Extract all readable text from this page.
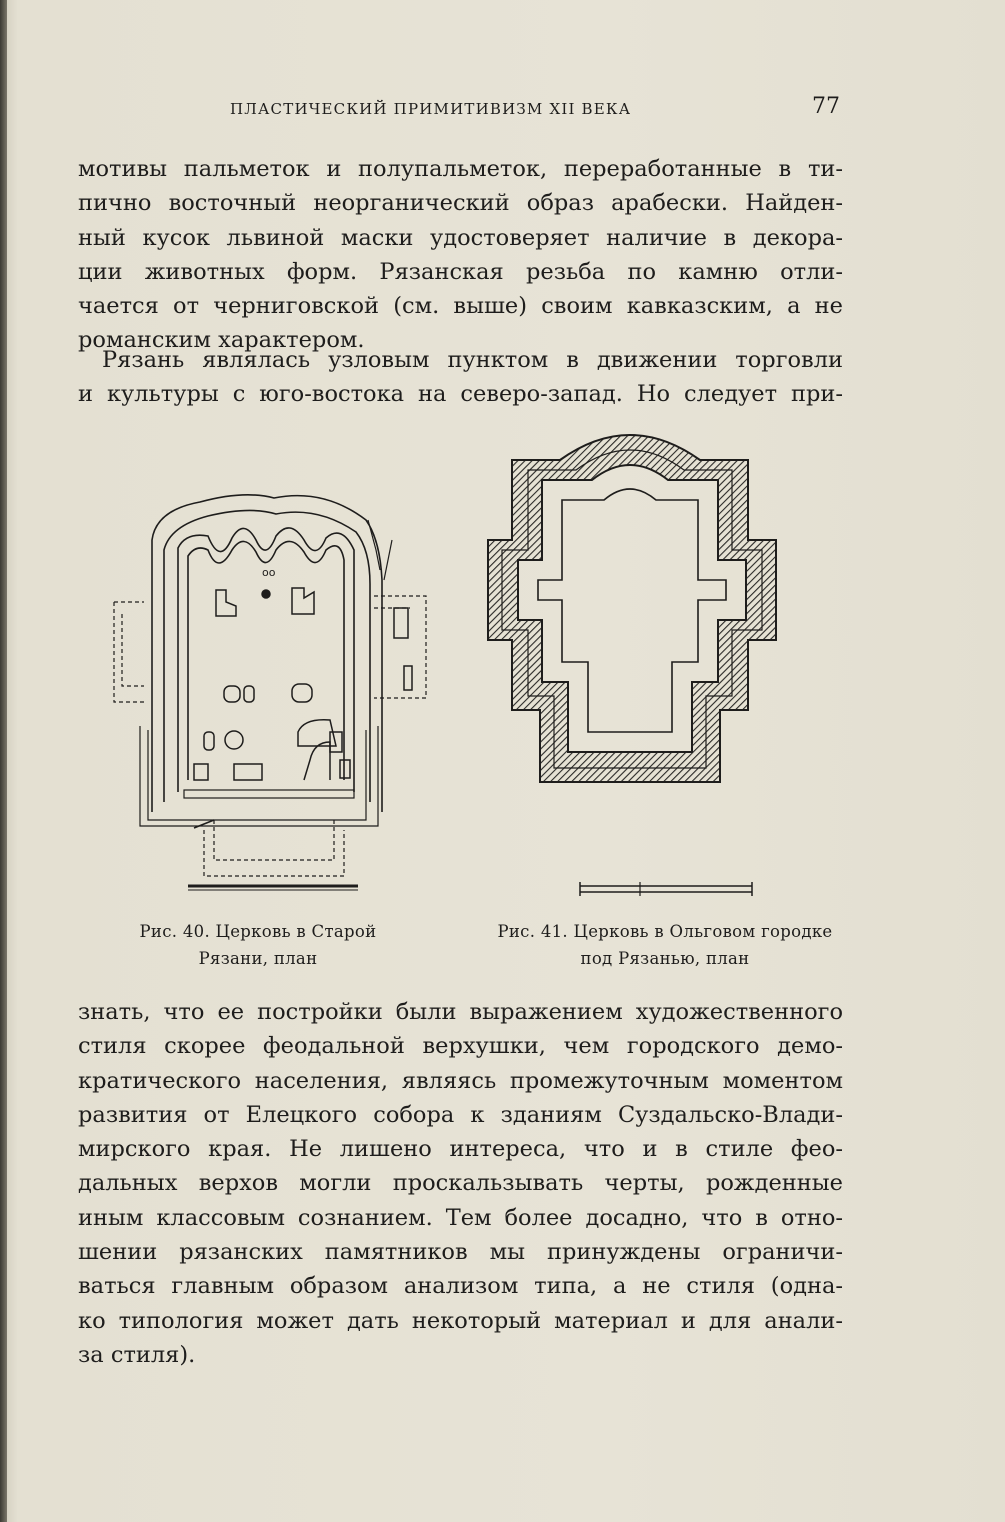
ПЛАСТИЧЕСКИЙ ПРИМИТИВИЗМ XII ВЕКА	77
мотивы пальметок и полупальметок, переработанные в ти-
пично восточный неорганический образ арабески. Найден-
ный кусок львиной маски удостоверяет наличие в декора-
ции животных форм. Рязанская резьба по камню отли-
чается от черниговской (см. выше) своим кавказским, а не
романским характером.
Рязань являлась узловым пунктом в движении торговли
и культуры с юго-востока на северо-запад. Но следует при-
оо
Рис. 40. Церковь в Старой
Рязани, план
Рис. 41. Церковь в Ольговом городке
под Рязанью, план
знать, что ее постройки были выражением художественного
стиля скорее феодальной верхушки, чем городского демо-
кратического населения, являясь промежуточным моментом
развития от Елецкого собора к зданиям Суздальско-Влади-
мирского края. Не лишено интереса, что и в стиле фео-
дальных верхов могли проскальзывать черты, рожденные
иным классовым сознанием. Тем более досадно, что в отно-
шении рязанских памятников мы принуждены ограничи-
ваться главным образом анализом типа, а не стиля (одна-
ко типология может дать некоторый материал и для анали-
за стиля).
